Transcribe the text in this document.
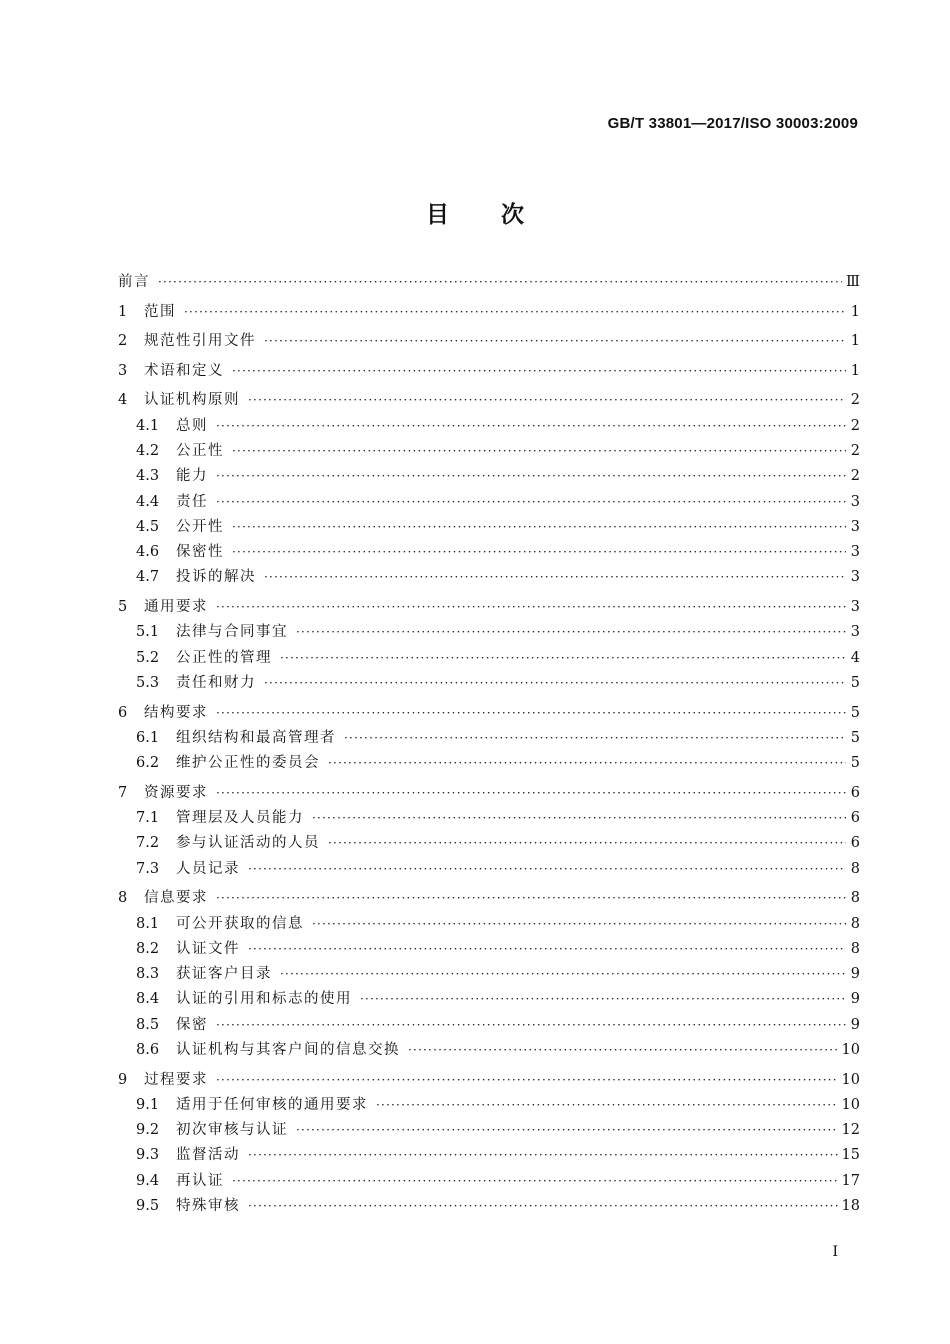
GB/T 33801—2017/ISO 30003:2009
目 次
前言 ·····	Ⅲ
1	范围 ·····	1
2	规范性引用文件 ·····	1
3	术语和定义 ·····	1
4	认证机构原则 ·····	2
4.1	总则 ·····	2
4.2	公正性 ·····	2
4.3	能力 ·····	2
4.4	责任 ·····	3
4.5	公开性 ·····	3
4.6	保密性 ·····	3
4.7	投诉的解决 ·····	3
5	通用要求 ·····	3
5.1	法律与合同事宜 ·····	3
5.2	公正性的管理 ·····	4
5.3	责任和财力 ·····	5
6	结构要求 ·····	5
6.1	组织结构和最高管理者 ·····	5
6.2	维护公正性的委员会 ·····	5
7	资源要求 ·····	6
7.1	管理层及人员能力 ·····	6
7.2	参与认证活动的人员 ·····	6
7.3	人员记录 ·····	8
8	信息要求 ·····	8
8.1	可公开获取的信息 ·····	8
8.2	认证文件 ·····	8
8.3	获证客户目录 ·····	9
8.4	认证的引用和标志的使用 ·····	9
8.5	保密 ·····	9
8.6	认证机构与其客户间的信息交换 ·····	10
9	过程要求 ·····	10
9.1	适用于任何审核的通用要求 ·····	10
9.2	初次审核与认证 ·····	12
9.3	监督活动 ·····	15
9.4	再认证 ·····	17
9.5	特殊审核 ·····	18
I
